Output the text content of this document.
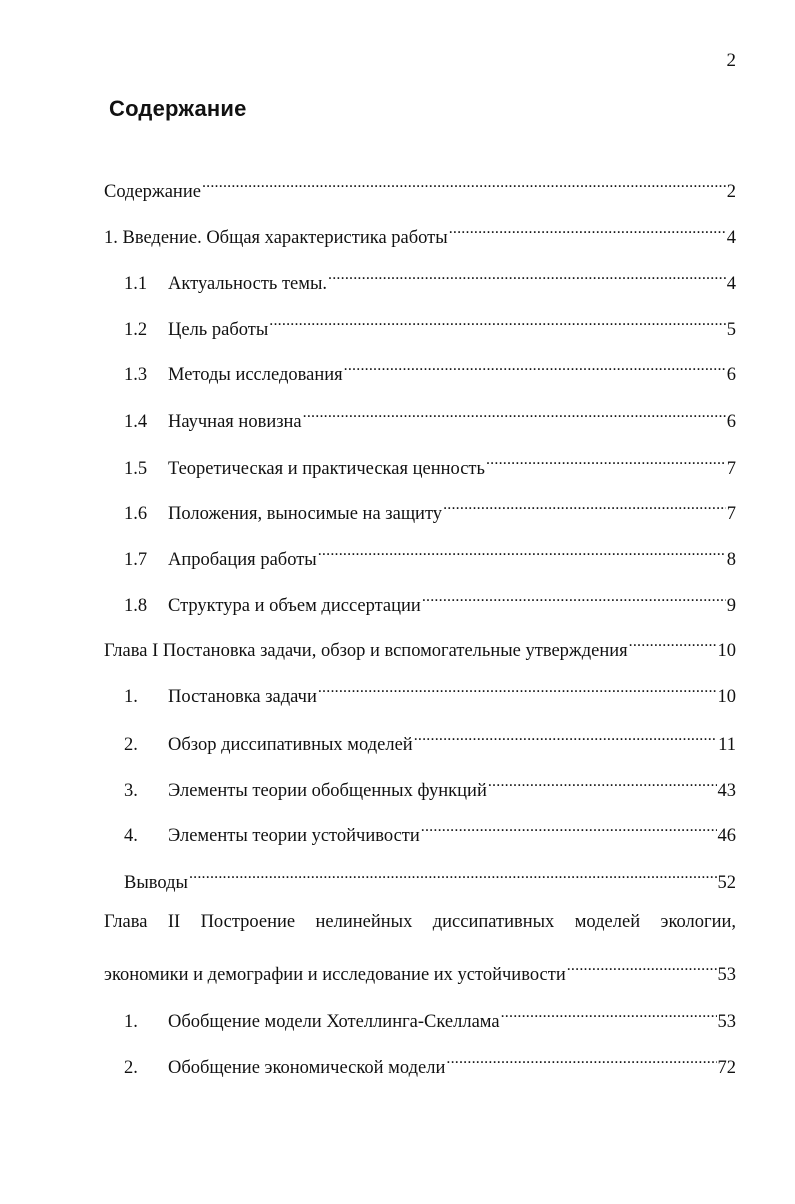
2
Содержание
Содержание . . .	2
1. Введение. Общая характеристика работы . . .	4
1.1	Актуальность темы. . . .	4
1.2	Цель работы . . .	5
1.3	Методы исследования . . .	6
1.4	Научная новизна . . .	6
1.5	Теоретическая и практическая ценность . . .	7
1.6	Положения, выносимые на защиту . . .	7
1.7	Апробация работы . . .	8
1.8	Структура и объем диссертации . . .	9
Глава I Постановка задачи, обзор и вспомогательные утверждения . . .	10
1.	Постановка задачи . . .	10
2.	Обзор диссипативных моделей . . .	11
3.	Элементы теории обобщенных функций . . .	43
4.	Элементы теории устойчивости . . .	46
Выводы . . .	52
Глава II Построение нелинейных диссипативных моделей экологии,
экономики и демографии и исследование их устойчивости . . .	53
1.	Обобщение модели Хотеллинга-Скеллама . . .	53
2.	Обобщение экономической модели . . .	72
